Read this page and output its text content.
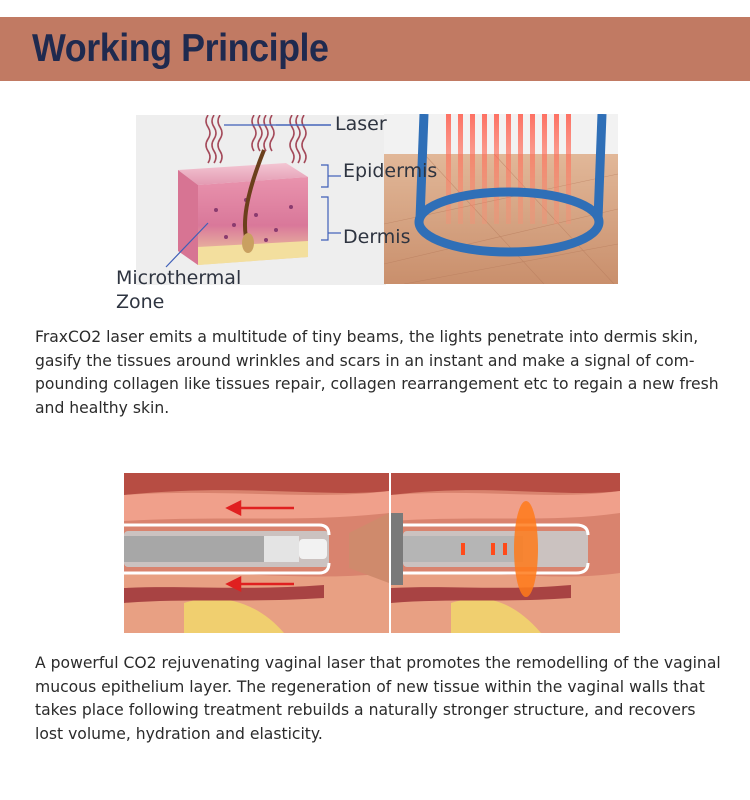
Working Principle
Laser
Epidermis
Dermis
Microthermal
Zone

FraxCO2 laser emits a multitude of tiny beams, the lights penetrate into dermis skin, gasify the tissues around wrinkles and scars in an instant and make a signal of com-pounding collagen like tissues repair, collagen rearrangement etc to regain a new fresh and healthy skin.

A powerful CO2 rejuvenating vaginal laser that promotes the remodelling of the vaginal mucous epithelium layer. The regeneration of new tissue within the vaginal walls that takes place following treatment rebuilds a naturally stronger structure, and recovers lost volume, hydration and elasticity.
